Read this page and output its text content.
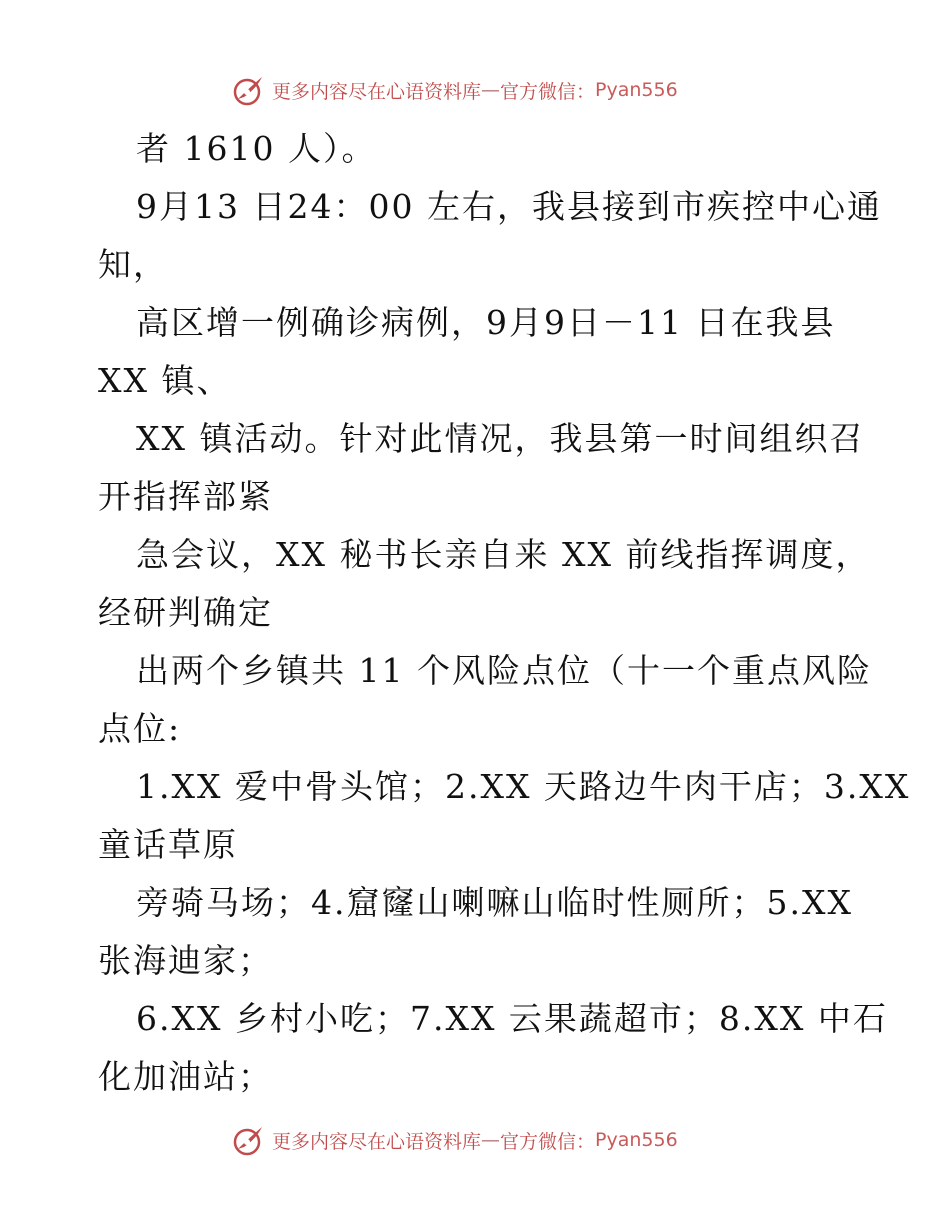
更多内容尽在心语资料库 — 官方微信： Pyan556
者 1610 人）。
9月13 日24：00 左右，我县接到市疾控中心通
知，
高区增一例确诊病例，9月9日－11 日在我县
XX 镇、
XX 镇活动。针对此情况，我县第一时间组织召
开指挥部紧
急会议，XX 秘书长亲自来 XX 前线指挥调度，
经研判确定
出两个乡镇共 11 个风险点位（十一个重点风险
点位:
1.XX 爱中骨头馆；2.XX 天路边牛肉干店；3.XX
童话草原
旁骑马场；4.窟窿山喇嘛山临时性厕所；5.XX
张海迪家；
6.XX 乡村小吃；7.XX 云果蔬超市；8.XX 中石
化加油站；
更多内容尽在心语资料库 — 官方微信： Pyan556
